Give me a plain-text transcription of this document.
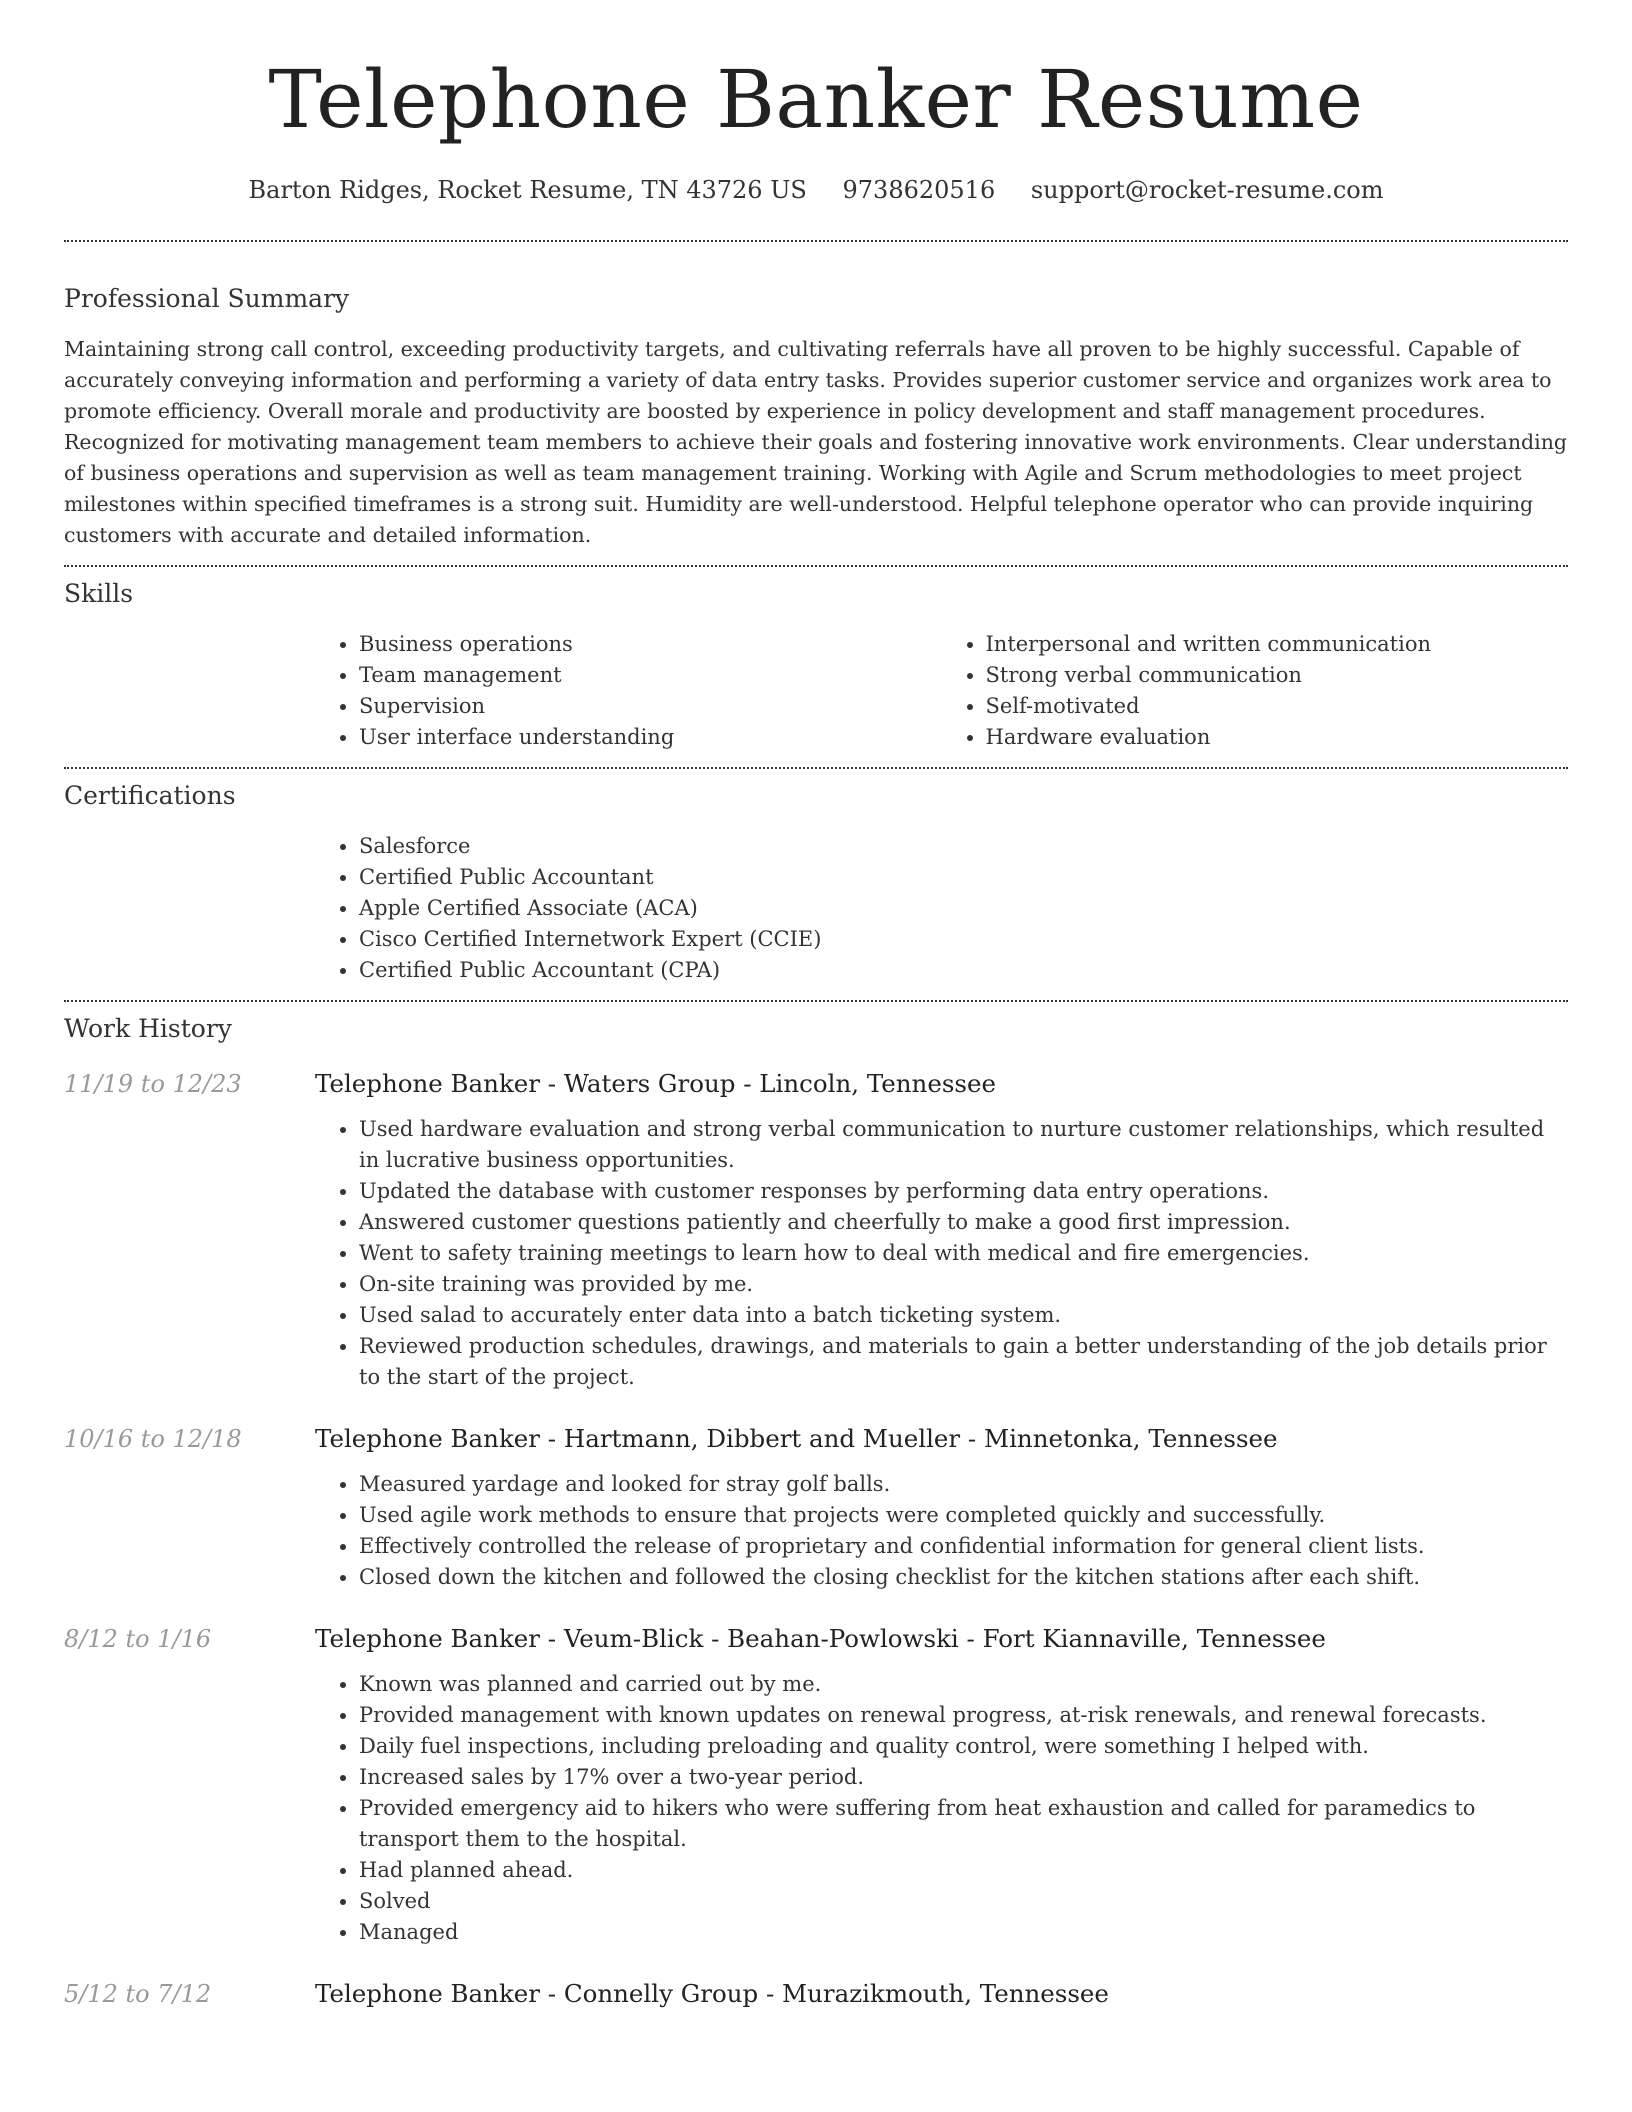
Telephone Banker Resume
Barton Ridges, Rocket Resume, TN 43726 US 9738620516 support@rocket-resume.com
Professional Summary

Maintaining strong call control, exceeding productivity targets, and cultivating referrals have all proven to be highly successful. Capable of accurately conveying information and performing a variety of data entry tasks. Provides superior customer service and organizes work area to promote efficiency. Overall morale and productivity are boosted by experience in policy development and staff management procedures. Recognized for motivating management team members to achieve their goals and fostering innovative work environments. Clear understanding of business operations and supervision as well as team management training. Working with Agile and Scrum methodologies to meet project milestones within specified timeframes is a strong suit. Humidity are well-understood. Helpful telephone operator who can provide inquiring customers with accurate and detailed information.

Skills
• Business operations
• Team management
• Supervision
• User interface understanding
• Interpersonal and written communication
• Strong verbal communication
• Self-motivated
• Hardware evaluation
Certifications
• Salesforce
• Certified Public Accountant
• Apple Certified Associate (ACA)
• Cisco Certified Internetwork Expert (CCIE)
• Certified Public Accountant (CPA)
Work History
11/19 to 12/23	Telephone Banker - Waters Group - Lincoln, Tennessee
• Used hardware evaluation and strong verbal communication to nurture customer relationships, which resulted in lucrative business opportunities.
• Updated the database with customer responses by performing data entry operations.
• Answered customer questions patiently and cheerfully to make a good first impression.
• Went to safety training meetings to learn how to deal with medical and fire emergencies.
• On-site training was provided by me.
• Used salad to accurately enter data into a batch ticketing system.
• Reviewed production schedules, drawings, and materials to gain a better understanding of the job details prior to the start of the project.
10/16 to 12/18	Telephone Banker - Hartmann, Dibbert and Mueller - Minnetonka, Tennessee
• Measured yardage and looked for stray golf balls.
• Used agile work methods to ensure that projects were completed quickly and successfully.
• Effectively controlled the release of proprietary and confidential information for general client lists.
• Closed down the kitchen and followed the closing checklist for the kitchen stations after each shift.
8/12 to 1/16	Telephone Banker - Veum-Blick - Beahan-Powlowski - Fort Kiannaville, Tennessee
• Known was planned and carried out by me.
• Provided management with known updates on renewal progress, at-risk renewals, and renewal forecasts.
• Daily fuel inspections, including preloading and quality control, were something I helped with.
• Increased sales by 17% over a two-year period.
• Provided emergency aid to hikers who were suffering from heat exhaustion and called for paramedics to transport them to the hospital.
• Had planned ahead.
• Solved
• Managed
5/12 to 7/12	Telephone Banker - Connelly Group - Murazikmouth, Tennessee
